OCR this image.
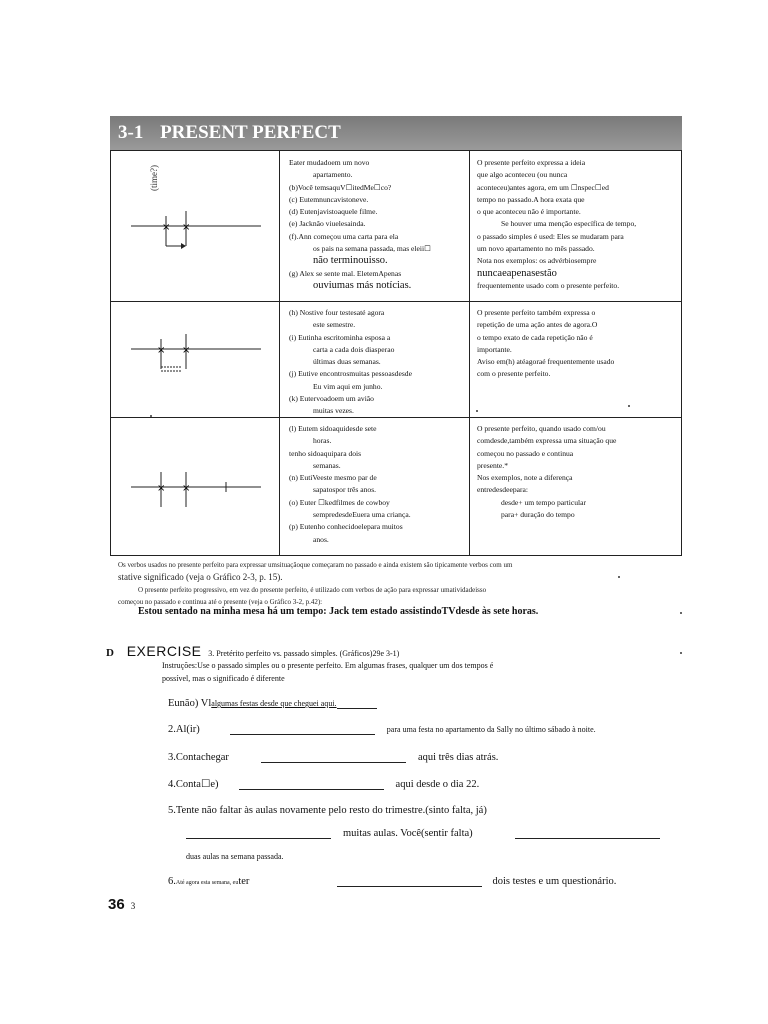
3-1 PRESENT PERFECT
(time?)
× ×
Eater mudadoem um novo
apartamento.
(b)Você temsaquV☐itedMe☐co?
(c) Eutemnuncavistoneve.
(d) Eutenjavistoaquele filme.
(e) Jacknão viuelesainda.
(f).Ann começou uma carta para ela
os pais na semana passada, mas eleii☐
não terminouisso.
(g) Alex se sente mal. EletemApenas
ouviumas más notícias.
O presente perfeito expressa a ideia
que algo aconteceu (ou nunca
aconteceu)antes agora, em um ☐nspec☐ed
tempo no passado.A hora exata que
o que aconteceu não é importante.
Se houver uma menção específica de tempo,
o passado simples é used: Eles se mudaram para
um novo apartamento no mês passado.
Nota nos exemplos: os advérbiosempre
nuncaeapenasestão
frequentemente usado com o presente perfeito.
× ×
(h) Nostive four testesaté agora
este semestre.
(i) Eutinha escritominha esposa a
carta a cada dois diasperao
últimas duas semanas.
(j) Eutive encontrosmuitas pessoasdesde
Eu vim aqui em junho.
(k) Eutervoadoem um avião
muitas vezes.
O presente perfeito também expressa o
repetição de uma ação antes de agora.O
o tempo exato de cada repetição não é
importante.
Aviso em(h) atéagoraé frequentemente usado
com o presente perfeito.
× ×
(l) Eutem sidoaquidesde sete
horas.
tenho sidoaquipara dois
semanas.
(n) EutiVeeste mesmo par de
sapatospor três anos.
(o) Euter ☐kedfilmes de cowboy
sempredesdeEuera uma criança.
(p) Eutenho conhecidoelepara muitos
anos.
O presente perfeito, quando usado com/ou
comdesde,também expressa uma situação que
começou no passado e continua
presente.*
Nos exemplos, note a diferença
entredesdeepara:
desde+ um tempo particular
para+ duração do tempo
Os verbos usados no presente perfeito para expressar umsituaçãoque começaram no passado e ainda existem são tipicamente verbos com um
stative significado (veja o Gráfico 2-3, p. 15).
O presente perfeito progressivo, em vez do presente perfeito, é utilizado com verbos de ação para expressar umatividadeisso
começou no passado e continua até o presente (veja o Gráfico 3-2, p.42):
Estou sentado na minha mesa há um tempo: Jack tem estado assistindoTVdesde às sete horas.
D EXERCISE 3. Pretérito perfeito vs. passado simples. (Gráficos)29e 3-1)
Instruções:Use o passado simples ou o presente perfeito. Em algumas frases, qualquer um dos tempos é
possível, mas o significado é diferente
Eunão) Vlalgumas festas desde que cheguei aqui.
2.Al(ir)	para uma festa no apartamento da Sally no último sábado à noite.
3.Contachegar	aqui três dias atrás.
4.Conta☐e)	aqui desde o dia 22.
5.Tente não faltar às aulas novamente pelo resto do trimestre.(sinto falta, já)
muitas aulas. Você(sentir falta)
duas aulas na semana passada.
6.Até agora esta semana, euter	dois testes e um questionário.
36 3
